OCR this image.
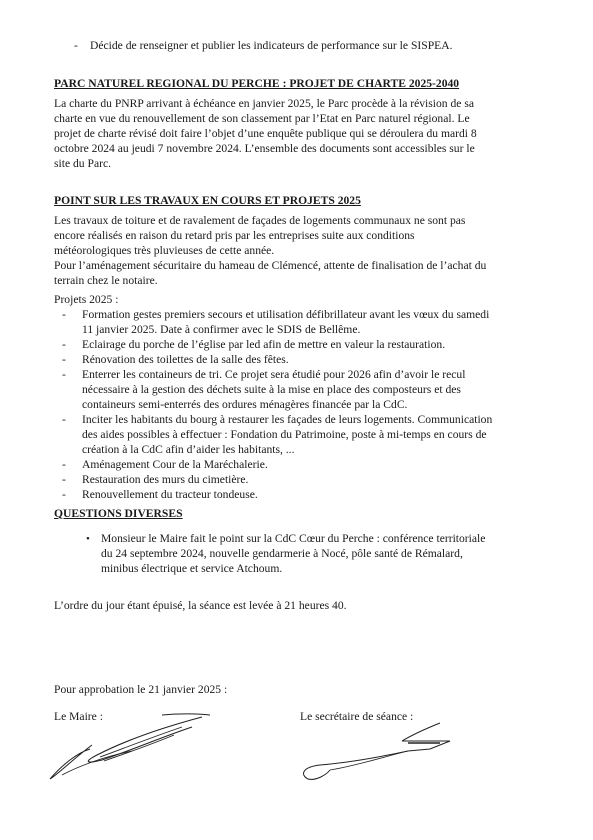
- Décide de renseigner et publier les indicateurs de performance sur le SISPEA.
PARC NATUREL REGIONAL DU PERCHE : PROJET DE CHARTE 2025-2040
La charte du PNRP arrivant à échéance en janvier 2025, le Parc procède à la révision de sa
charte en vue du renouvellement de son classement par l’Etat en Parc naturel régional. Le
projet de charte révisé doit faire l’objet d’une enquête publique qui se déroulera du mardi 8
octobre 2024 au jeudi 7 novembre 2024. L’ensemble des documents sont accessibles sur le
site du Parc.
POINT SUR LES TRAVAUX EN COURS ET PROJETS 2025
Les travaux de toiture et de ravalement de façades de logements communaux ne sont pas
encore réalisés en raison du retard pris par les entreprises suite aux conditions
météorologiques très pluvieuses de cette année.
Pour l’aménagement sécuritaire du hameau de Clémencé, attente de finalisation de l’achat du
terrain chez le notaire.
Projets 2025 :
- Formation gestes premiers secours et utilisation défibrillateur avant les vœux du samedi
11 janvier 2025. Date à confirmer avec le SDIS de Bellême.
- Eclairage du porche de l’église par led afin de mettre en valeur la restauration.
- Rénovation des toilettes de la salle des fêtes.
- Enterrer les containeurs de tri. Ce projet sera étudié pour 2026 afin d’avoir le recul
nécessaire à la gestion des déchets suite à la mise en place des composteurs et des
containeurs semi-enterrés des ordures ménagères financée par la CdC.
- Inciter les habitants du bourg à restaurer les façades de leurs logements. Communication
des aides possibles à effectuer : Fondation du Patrimoine, poste à mi-temps en cours de
création à la CdC afin d’aider les habitants, ...
- Aménagement Cour de la Maréchalerie.
- Restauration des murs du cimetière.
- Renouvellement du tracteur tondeuse.
QUESTIONS DIVERSES
• Monsieur le Maire fait le point sur la CdC Cœur du Perche : conférence territoriale
du 24 septembre 2024, nouvelle gendarmerie à Nocé, pôle santé de Rémalard,
minibus électrique et service Atchoum.
L’ordre du jour étant épuisé, la séance est levée à 21 heures 40.
Pour approbation le 21 janvier 2025 :
Le Maire :	Le secrétaire de séance :
